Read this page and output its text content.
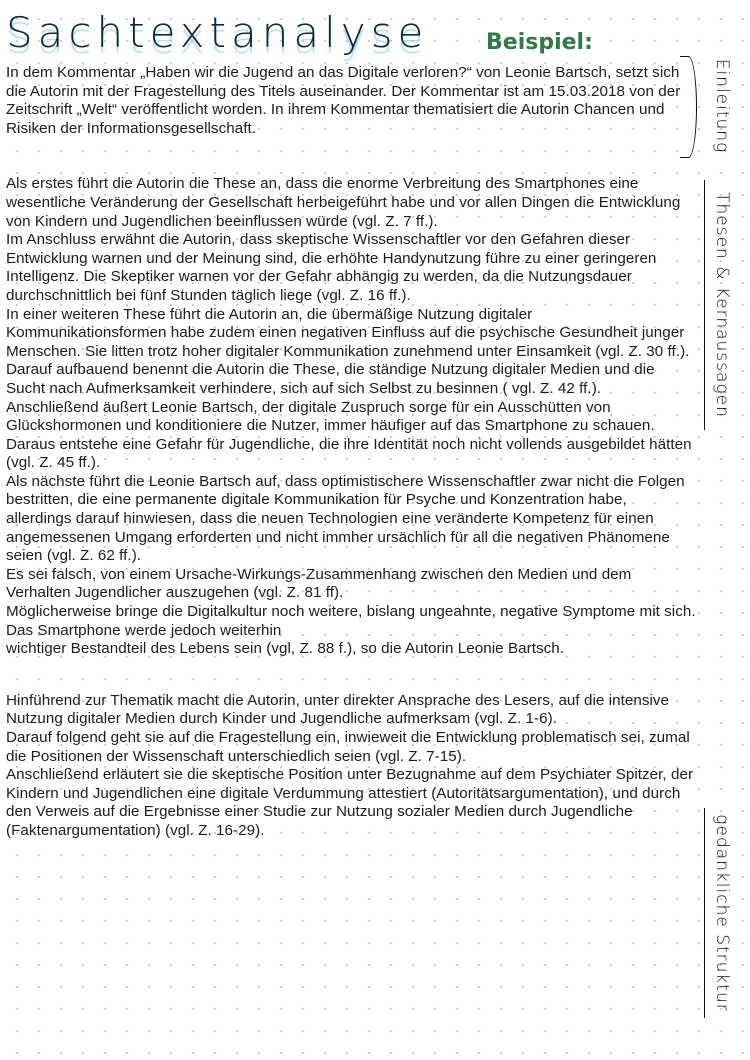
Sachtextanalyse	Beispiel:

In dem Kommentar „Haben wir die Jugend an das Digitale verloren?“ von Leonie Bartsch, setzt sich die Autorin mit der Fragestellung des Titels auseinander. Der Kommentar ist am 15.03.2018 von der Zeitschrift „Welt“ veröffentlicht worden. In ihrem Kommentar thematisiert die Autorin Chancen und Risiken der Informationsgesellschaft.

Als erstes führt die Autorin die These an, dass die enorme Verbreitung des Smartphones eine wesentliche Veränderung der Gesellschaft herbeigeführt habe und vor allen Dingen die Entwicklung von Kindern und Jugendlichen beeinflussen würde (vgl. Z. 7 ff.).

Im Anschluss erwähnt die Autorin, dass skeptische Wissenschaftler vor den Gefahren dieser Entwicklung warnen und der Meinung sind, die erhöhte Handynutzung führe zu einer geringeren Intelligenz. Die Skeptiker warnen vor der Gefahr abhängig zu werden, da die Nutzungsdauer durchschnittlich bei fünf Stunden täglich liege (vgl. Z. 16 ff.).

In einer weiteren These führt die Autorin an, die übermäßige Nutzung digitaler Kommunikationsformen habe zudem einen negativen Einfluss auf die psychische Gesundheit junger Menschen. Sie litten trotz hoher digitaler Kommunikation zunehmend unter Einsamkeit (vgl. Z. 30 ff.).

Darauf aufbauend benennt die Autorin die These, die ständige Nutzung digitaler Medien und die Sucht nach Aufmerksamkeit verhindere, sich auf sich Selbst zu besinnen ( vgl. Z. 42 ff.).

Anschließend äußert Leonie Bartsch, der digitale Zuspruch sorge für ein Ausschütten von Glückshormonen und konditioniere die Nutzer, immer häufiger auf das Smartphone zu schauen. Daraus entstehe eine Gefahr für Jugendliche, die ihre Identität noch nicht vollends ausgebildet hätten (vgl. Z. 45 ff.).

Als nächste führt die Leonie Bartsch auf, dass optimistischere Wissenschaftler zwar nicht die Folgen bestritten, die eine permanente digitale Kommunikation für Psyche und Konzentration habe, allerdings darauf hinwiesen, dass die neuen Technologien eine veränderte Kompetenz für einen angemessenen Umgang erforderten und nicht immher ursächlich für all die negativen Phänomene seien (vgl. Z. 62 ff.).

Es sei falsch, von einem Ursache-Wirkungs-Zusammenhang zwischen den Medien und dem Verhalten Jugendlicher auszugehen (vgl. Z. 81 ff).

Möglicherweise bringe die Digitalkultur noch weitere, bislang ungeahnte, negative Symptome mit sich. Das Smartphone werde jedoch weiterhin

wichtiger Bestandteil des Lebens sein (vgl, Z. 88 f.), so die Autorin Leonie Bartsch.

Hinführend zur Thematik macht die Autorin, unter direkter Ansprache des Lesers, auf die intensive Nutzung digitaler Medien durch Kinder und Jugendliche aufmerksam (vgl. Z. 1-6).

Darauf folgend geht sie auf die Fragestellung ein, inwieweit die Entwicklung problematisch sei, zumal die Positionen der Wissenschaft unterschiedlich seien (vgl. Z. 7-15).

Anschließend erläutert sie die skeptische Position unter Bezugnahme auf dem Psychiater Spitzer, der Kindern und Jugendlichen eine digitale Verdummung attestiert (Autoritätsargumentation), und durch den Verweis auf die Ergebnisse einer Studie zur Nutzung sozialer Medien durch Jugendliche (Faktenargumentation) (vgl. Z. 16-29).

Einleitung
Thesen & Kernaussagen
gedankliche Struktur
